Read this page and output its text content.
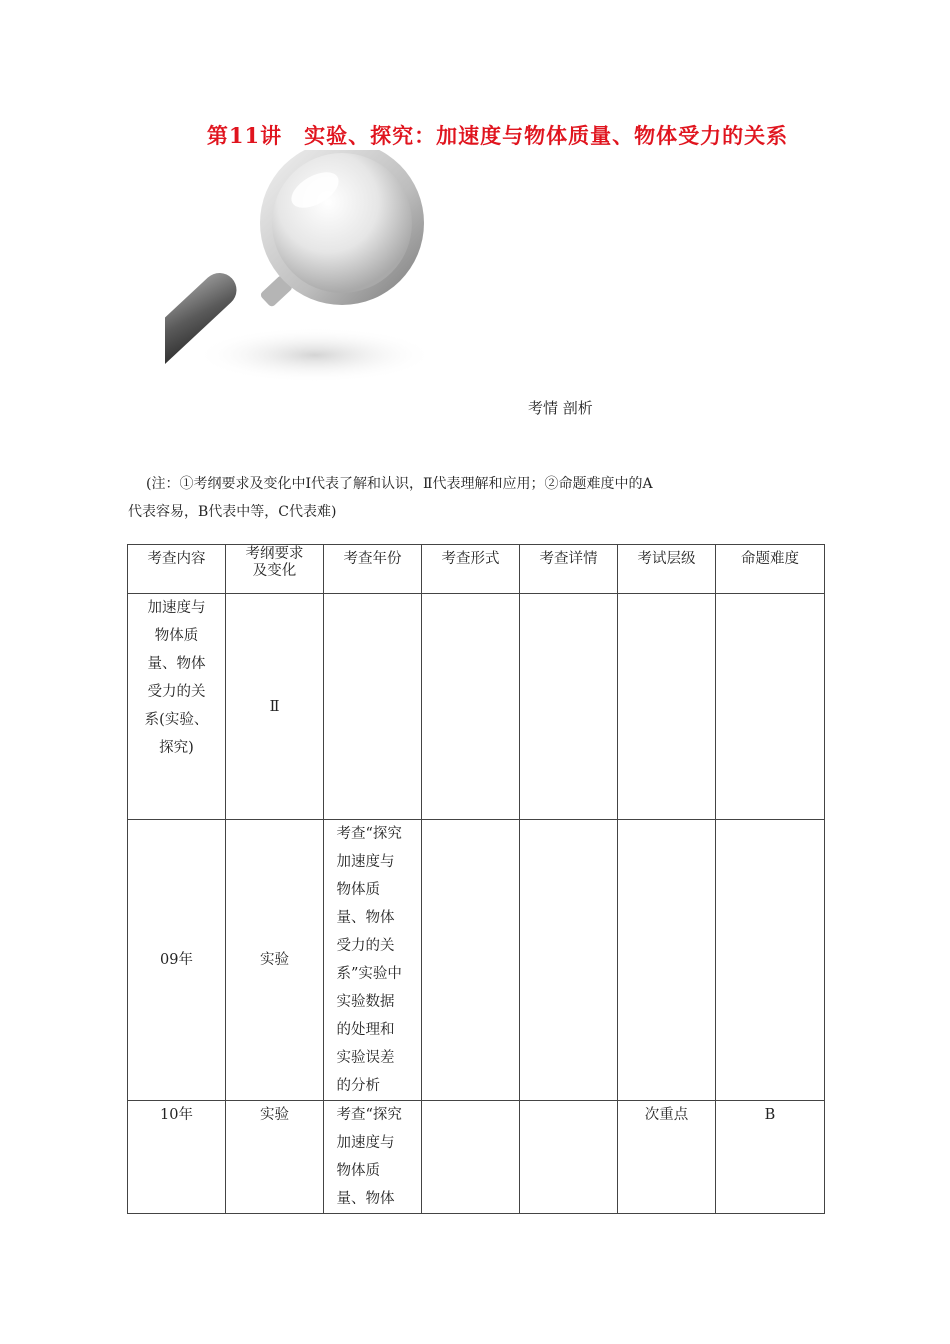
第11讲　实验、探究：加速度与物体质量、物体受力的关系
考情 剖析

(注：①考纲要求及变化中Ⅰ代表了解和认识，Ⅱ代表理解和应用；②命题难度中的A

代表容易，B代表中等，C代表难)

考查内容	考纲要求及变化	考查年份	考查形式	考查详情	考试层级	命题难度

加速度与物体质量、物体受力的关系(实验、探究)	Ⅱ					
09年	实验	考查“探究加速度与物体质量、物体受力的关系”实验中实验数据的处理和实验误差的分析				

10年	实验	考查“探究加速度与物体质量、物体			次重点	B
